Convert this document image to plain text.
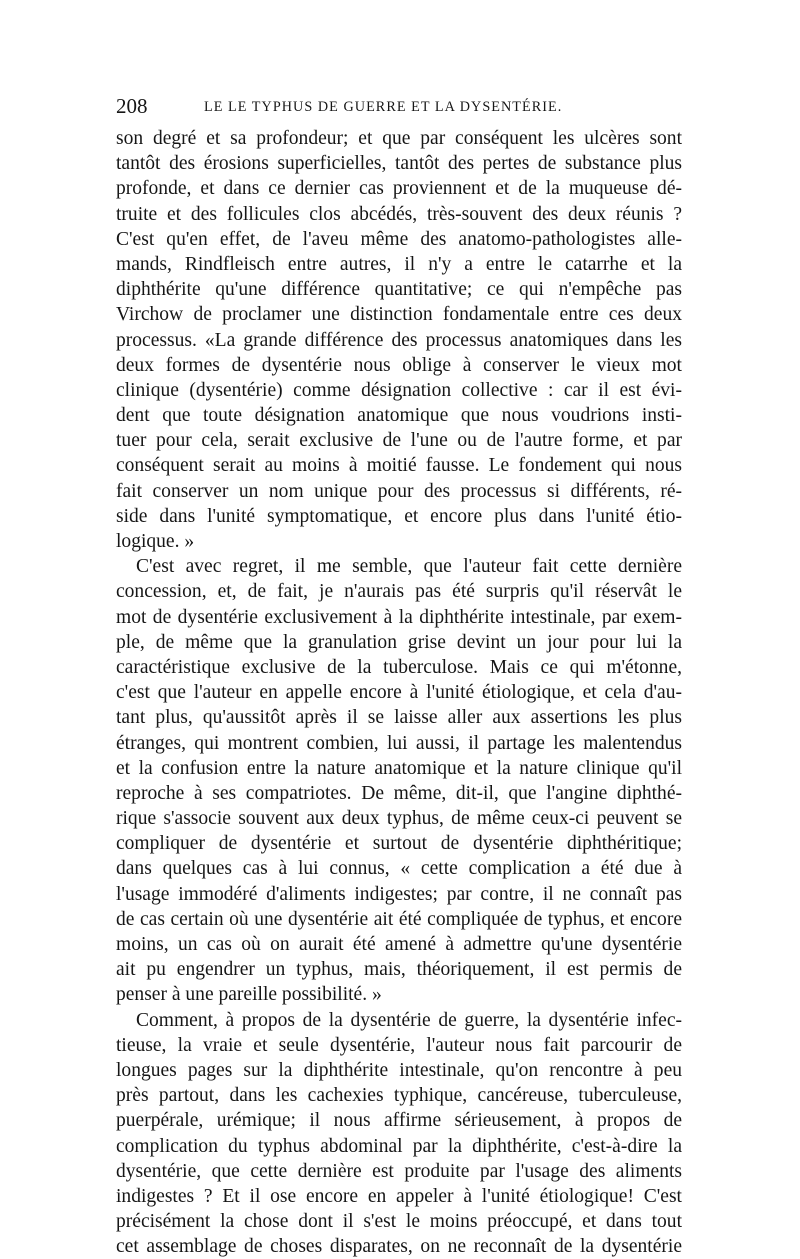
208	LE LE TYPHUS DE GUERRE ET LA DYSENTÉRIE.
son degré et sa profondeur; et que par conséquent les ulcères sont
tantôt des érosions superficielles, tantôt des pertes de substance plus
profonde, et dans ce dernier cas proviennent et de la muqueuse dé-
truite et des follicules clos abcédés, très-souvent des deux réunis ?
C'est qu'en effet, de l'aveu même des anatomo-pathologistes alle-
mands, Rindfleisch entre autres, il n'y a entre le catarrhe et la
diphthérite qu'une différence quantitative; ce qui n'empêche pas
Virchow de proclamer une distinction fondamentale entre ces deux
processus. «La grande différence des processus anatomiques dans les
deux formes de dysentérie nous oblige à conserver le vieux mot
clinique (dysentérie) comme désignation collective : car il est évi-
dent que toute désignation anatomique que nous voudrions insti-
tuer pour cela, serait exclusive de l'une ou de l'autre forme, et par
conséquent serait au moins à moitié fausse. Le fondement qui nous
fait conserver un nom unique pour des processus si différents, ré-
side dans l'unité symptomatique, et encore plus dans l'unité étio-
logique. »
C'est avec regret, il me semble, que l'auteur fait cette dernière
concession, et, de fait, je n'aurais pas été surpris qu'il réservât le
mot de dysentérie exclusivement à la diphthérite intestinale, par exem-
ple, de même que la granulation grise devint un jour pour lui la
caractéristique exclusive de la tuberculose. Mais ce qui m'étonne,
c'est que l'auteur en appelle encore à l'unité étiologique, et cela d'au-
tant plus, qu'aussitôt après il se laisse aller aux assertions les plus
étranges, qui montrent combien, lui aussi, il partage les malentendus
et la confusion entre la nature anatomique et la nature clinique qu'il
reproche à ses compatriotes. De même, dit-il, que l'angine diphthé-
rique s'associe souvent aux deux typhus, de même ceux-ci peuvent se
compliquer de dysentérie et surtout de dysentérie diphthéritique;
dans quelques cas à lui connus, « cette complication a été due à
l'usage immodéré d'aliments indigestes; par contre, il ne connaît pas
de cas certain où une dysentérie ait été compliquée de typhus, et encore
moins, un cas où on aurait été amené à admettre qu'une dysentérie
ait pu engendrer un typhus, mais, théoriquement, il est permis de
penser à une pareille possibilité. »
Comment, à propos de la dysentérie de guerre, la dysentérie infec-
tieuse, la vraie et seule dysentérie, l'auteur nous fait parcourir de
longues pages sur la diphthérite intestinale, qu'on rencontre à peu
près partout, dans les cachexies typhique, cancéreuse, tuberculeuse,
puerpérale, urémique; il nous affirme sérieusement, à propos de
complication du typhus abdominal par la diphthérite, c'est-à-dire la
dysentérie, que cette dernière est produite par l'usage des aliments
indigestes ? Et il ose encore en appeler à l'unité étiologique! C'est
précisément la chose dont il s'est le moins préoccupé, et dans tout
cet assemblage de choses disparates, on ne reconnaît de la dysentérie
